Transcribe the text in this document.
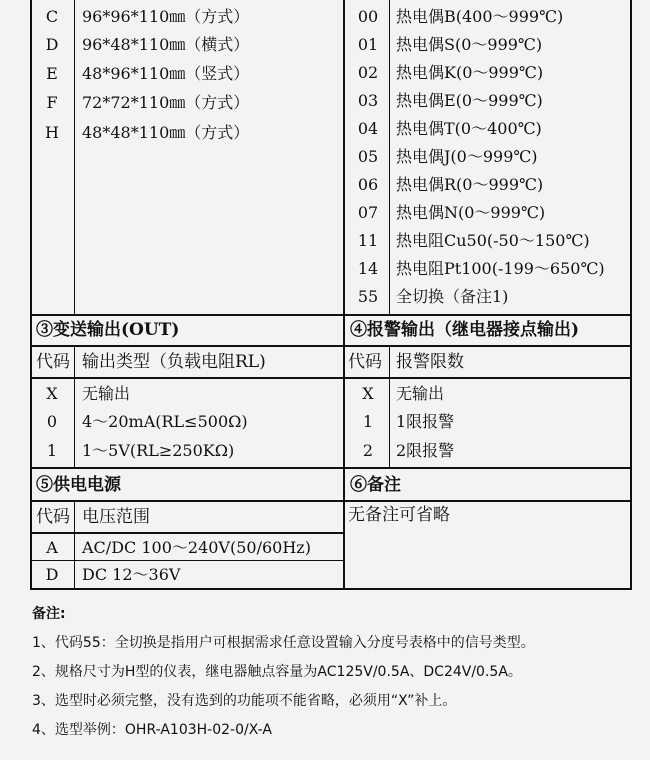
C	96*96*110㎜（方式）
D	96*48*110㎜（横式）
E	48*96*110㎜（竖式）
F	72*72*110㎜（方式）
H	48*48*110㎜（方式）
00	热电偶B(400～999℃)
01	热电偶S(0～999℃)
02	热电偶K(0～999℃)
03	热电偶E(0～999℃)
04	热电偶T(0～400℃)
05	热电偶J(0～999℃)
06	热电偶R(0～999℃)
07	热电偶N(0～999℃)
11	热电阻Cu50(-50～150℃)
14	热电阻Pt100(-199～650℃)
55	全切换（备注1)
③变送输出(OUT)	④报警输出（继电器接点输出)
代码 输出类型（负载电阻RL)	代码 报警限数
X	无输出
0	4～20mA(RL≤500Ω)
1	1～5V(RL≥250KΩ)
X	无输出
1	1限报警
2	2限报警
⑤供电电源	⑥备注
代码 电压范围	无备注可省略
A	AC/DC 100～240V(50/60Hz)
D	DC 12～36V
备注:
1、代码55：全切换是指用户可根据需求任意设置输入分度号表格中的信号类型。
2、规格尺寸为H型的仪表，继电器触点容量为AC125V/0.5A、DC24V/0.5A。
3、选型时必须完整，没有选到的功能项不能省略，必须用“X”补上。
4、选型举例：OHR-A103H-02-0/X-A
